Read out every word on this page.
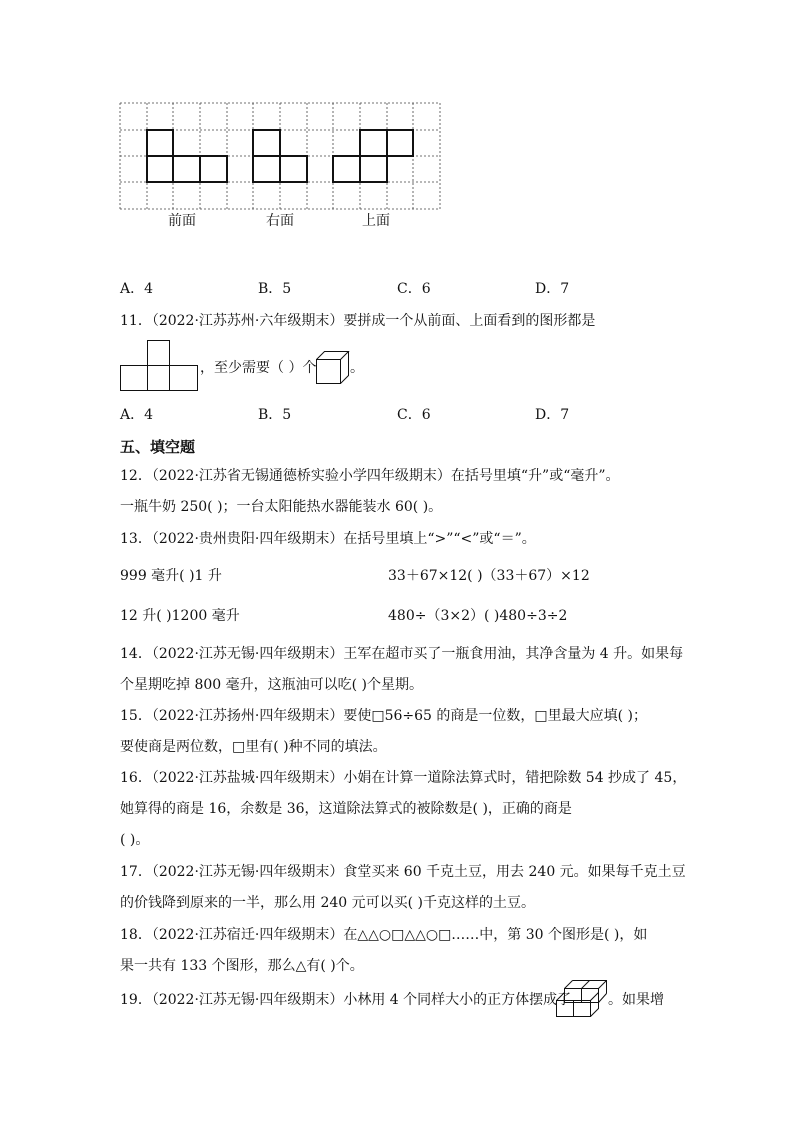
前面	右面	上面
A．4	B．5	C．6	D．7
11．（2022·江苏苏州·六年级期末）要拼成一个从前面、上面看到的图形都是
，至少需要（ ）个 。
A．4	B．5	C．6	D．7
五、填空题
12．（2022·江苏省无锡通德桥实验小学四年级期末）在括号里填“升”或“毫升”。
一瓶牛奶 250( )；一台太阳能热水器能装水 60( )。
13．（2022·贵州贵阳·四年级期末）在括号里填上“>”“<”或“＝”。
999 毫升( )1 升	33＋67×12( )（33＋67）×12
12 升( )1200 毫升	480÷（3×2）( )480÷3÷2
14．（2022·江苏无锡·四年级期末）王军在超市买了一瓶食用油，其净含量为 4 升。如果每
个星期吃掉 800 毫升，这瓶油可以吃( )个星期。
15．（2022·江苏扬州·四年级期末）要使□56÷65 的商是一位数，□里最大应填( )；
要使商是两位数，□里有( )种不同的填法。
16．（2022·江苏盐城·四年级期末）小娟在计算一道除法算式时，错把除数 54 抄成了 45，
她算得的商是 16，余数是 36，这道除法算式的被除数是( )，正确的商是
( )。
17．（2022·江苏无锡·四年级期末）食堂买来 60 千克土豆，用去 240 元。如果每千克土豆
的价钱降到原来的一半，那么用 240 元可以买( )千克这样的土豆。
18．（2022·江苏宿迁·四年级期末）在△△○□△△○□……中，第 30 个图形是( )，如
果一共有 133 个图形，那么△有( )个。
19．（2022·江苏无锡·四年级期末）小林用 4 个同样大小的正方体摆成了	。如果增
